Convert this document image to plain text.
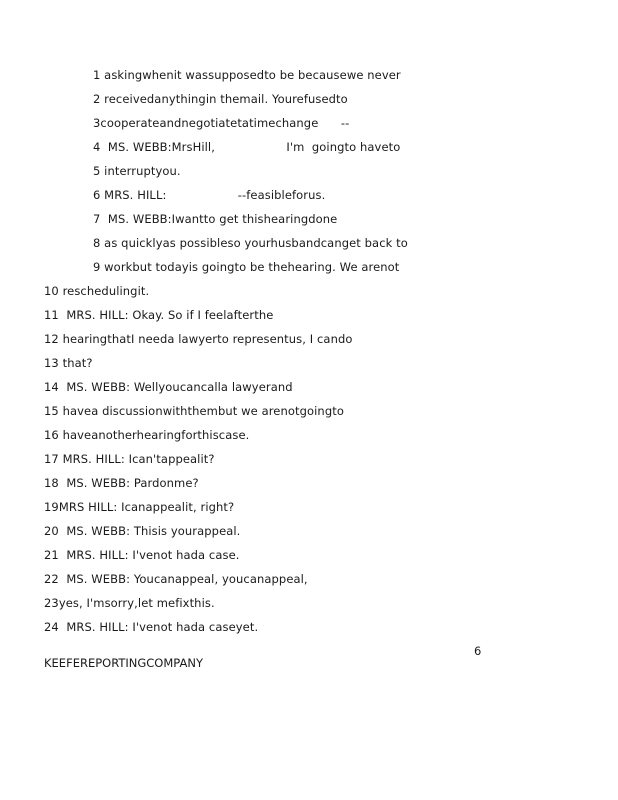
1 askingwhenit wassupposedto be becausewe never
2 receivedanythingin themail. Yourefusedto
3cooperateandnegotiatetatimechange      --
4  MS. WEBB:MrsHill,                   I'm  goingto haveto
5 interruptyou.
6 MRS. HILL:                   --feasibleforus.
7  MS. WEBB:Iwantto get thishearingdone
8 as quicklyas possibleso yourhusbandcanget back to
9 workbut todayis goingto be thehearing. We arenot
10 reschedulingit.
11  MRS. HILL: Okay. So if I feelafterthe
12 hearingthatI needa lawyerto representus, I cando
13 that?
14  MS. WEBB: Wellyoucancalla lawyerand
15 havea discussionwiththembut we arenotgoingto
16 haveanotherhearingforthiscase.
17 MRS. HILL: Ican'tappealit?
18  MS. WEBB: Pardonme?
19MRS HILL: Icanappealit, right?
20  MS. WEBB: Thisis yourappeal.
21  MRS. HILL: I'venot hada case.
22  MS. WEBB: Youcanappeal, youcanappeal,
23yes, I'msorry,let mefixthis.
24  MRS. HILL: I'venot hada caseyet.
6
KEEFEREPORTINGCOMPANY
